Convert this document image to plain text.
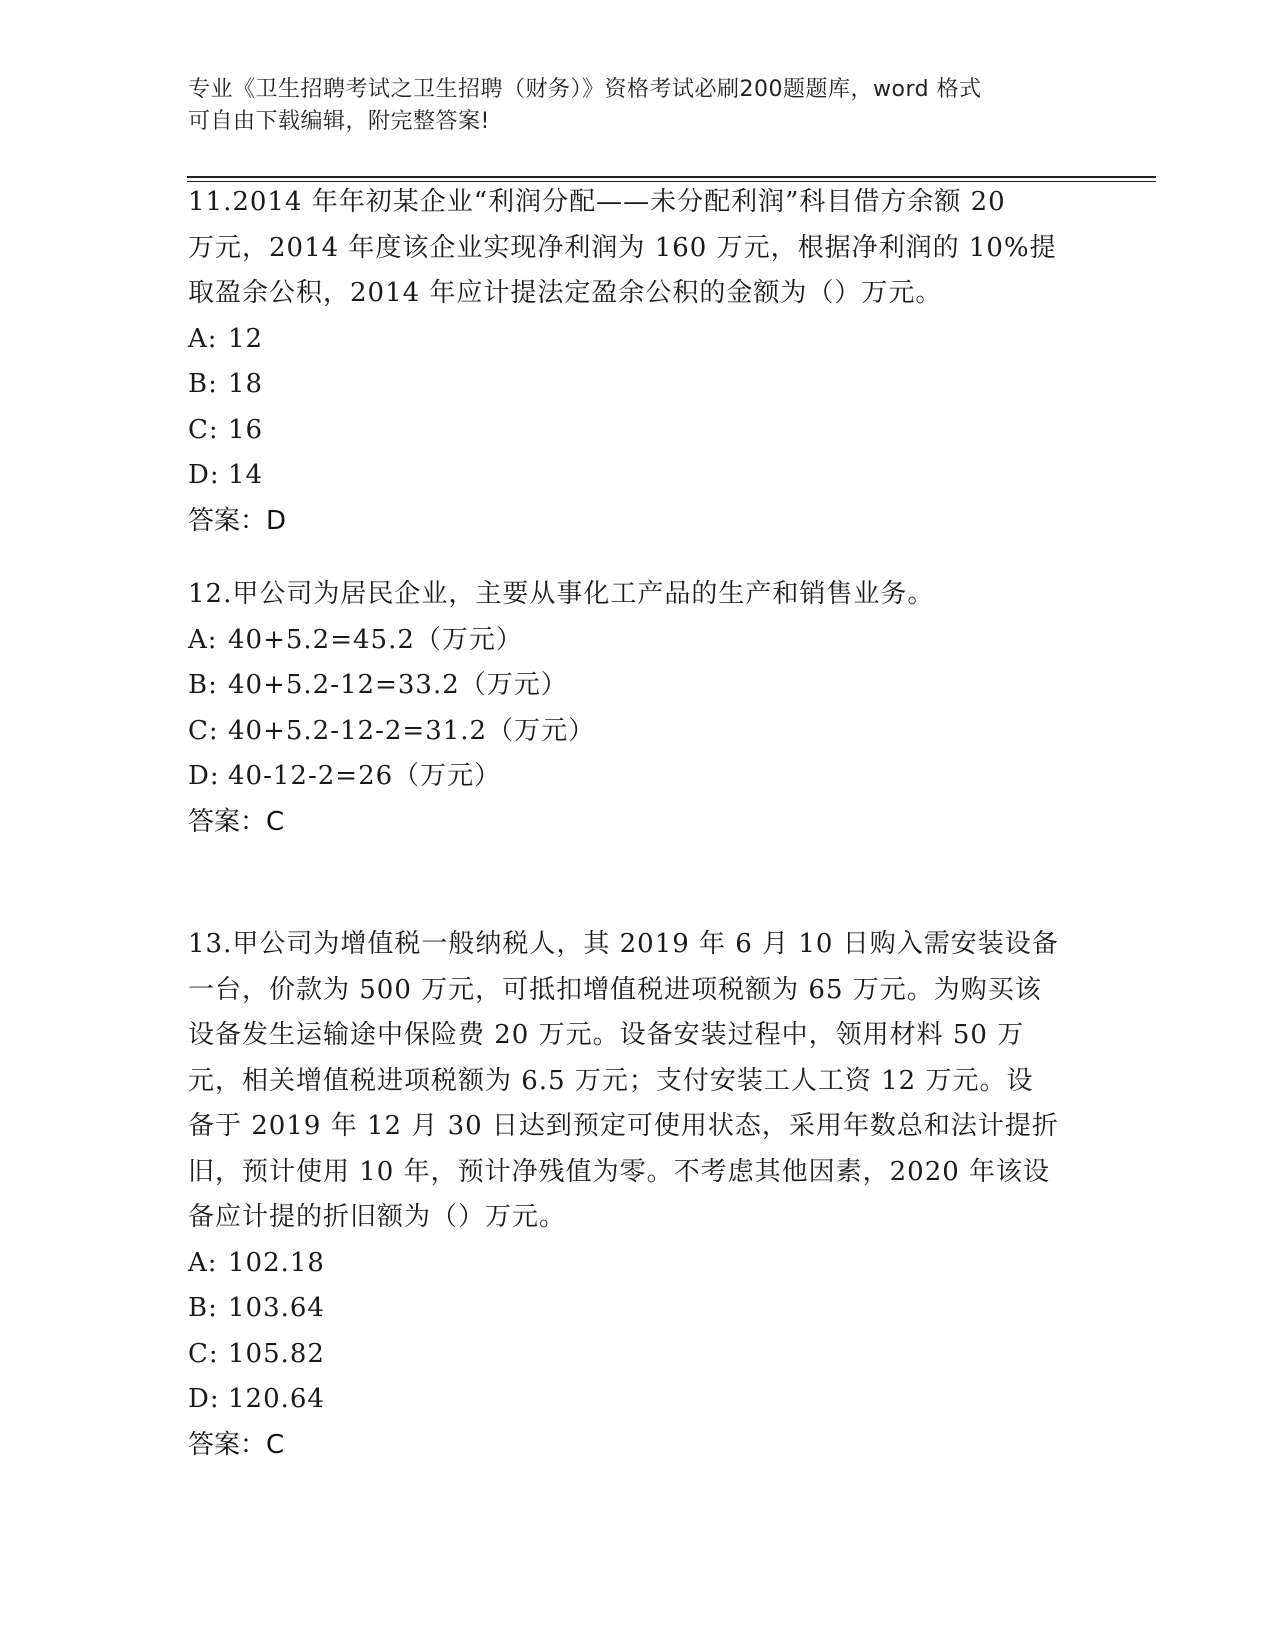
专业《卫生招聘考试之卫生招聘（财务）》资格考试必刷200题题库，word 格式
可自由下载编辑，附完整答案!
11.2014 年年初某企业“利润分配——未分配利润”科目借方余额 20
万元，2014 年度该企业实现净利润为 160 万元，根据净利润的 10%提
取盈余公积，2014 年应计提法定盈余公积的金额为（）万元。
A: 12
B: 18
C: 16
D: 14
答案：D
12.甲公司为居民企业，主要从事化工产品的生产和销售业务。
A: 40+5.2=45.2（万元）
B: 40+5.2-12=33.2（万元）
C: 40+5.2-12-2=31.2（万元）
D: 40-12-2=26（万元）
答案：C
13.甲公司为增值税一般纳税人，其 2019 年 6 月 10 日购入需安装设备
一台，价款为 500 万元，可抵扣增值税进项税额为 65 万元。为购买该
设备发生运输途中保险费 20 万元。设备安装过程中，领用材料 50 万
元，相关增值税进项税额为 6.5 万元；支付安装工人工资 12 万元。设
备于 2019 年 12 月 30 日达到预定可使用状态，采用年数总和法计提折
旧，预计使用 10 年，预计净残值为零。不考虑其他因素，2020 年该设
备应计提的折旧额为（）万元。
A: 102.18
B: 103.64
C: 105.82
D: 120.64
答案：C
